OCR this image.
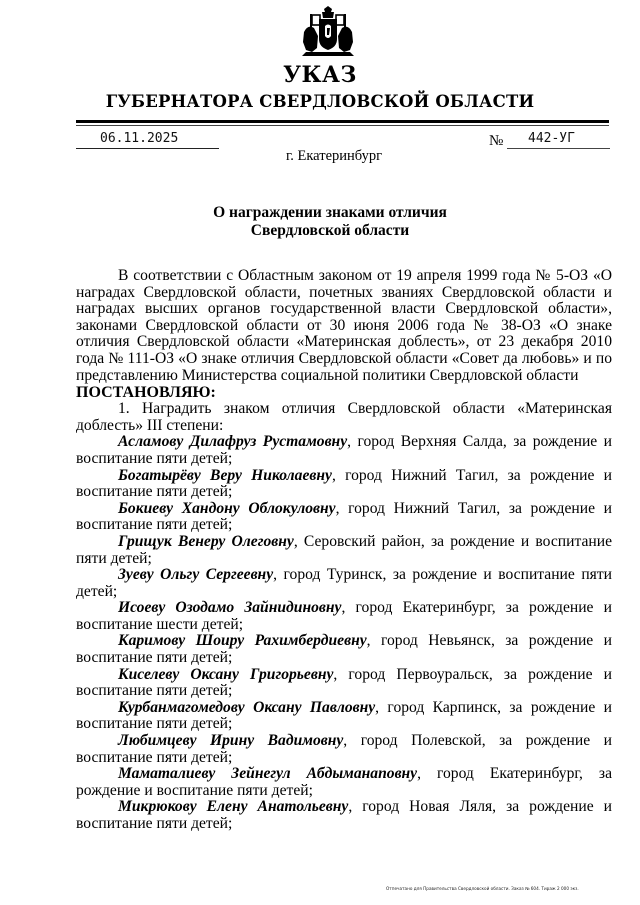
УКАЗ
ГУБЕРНАТОРА СВЕРДЛОВСКОЙ ОБЛАСТИ
06.11.2025	№ 442-УГ
г. Екатеринбург
О награждении знаками отличия
Свердловской области

В соответствии с Областным законом от 19 апреля 1999 года № 5-ОЗ «О наградах Свердловской области, почетных званиях Свердловской области и наградах высших органов государственной власти Свердловской области», законами Свердловской области от 30 июня 2006 года № 38-ОЗ «О знаке отличия Свердловской области «Материнская доблесть», от 23 декабря 2010 года № 111-ОЗ «О знаке отличия Свердловской области «Совет да любовь» и по представлению Министерства социальной политики Свердловской области

ПОСТАНОВЛЯЮ:

1. Наградить знаком отличия Свердловской области «Материнская доблесть» III степени:

Асламову Дилафруз Рустамовну, город Верхняя Салда, за рождение и воспитание пяти детей;

Богатырёву Веру Николаевну, город Нижний Тагил, за рождение и воспитание пяти детей;

Бокиеву Хандону Облокуловну, город Нижний Тагил, за рождение и воспитание пяти детей;

Грищук Венеру Олеговну, Серовский район, за рождение и воспитание пяти детей;

Зуеву Ольгу Сергеевну, город Туринск, за рождение и воспитание пяти детей;

Исоеву Озодамо Зайнидиновну, город Екатеринбург, за рождение и воспитание шести детей;

Каримову Шоиру Рахимбердиевну, город Невьянск, за рождение и воспитание пяти детей;

Киселеву Оксану Григорьевну, город Первоуральск, за рождение и воспитание пяти детей;

Курбанмагомедову Оксану Павловну, город Карпинск, за рождение и воспитание пяти детей;

Любимцеву Ирину Вадимовну, город Полевской, за рождение и воспитание пяти детей;

Маматалиеву Зейнегул Абдыманаповну, город Екатеринбург, за рождение и воспитание пяти детей;

Микрюкову Елену Анатольевну, город Новая Ляля, за рождение и воспитание пяти детей;

Отпечатано для Правительства Свердловской области. Заказ № 604. Тираж 2 000 экз.
